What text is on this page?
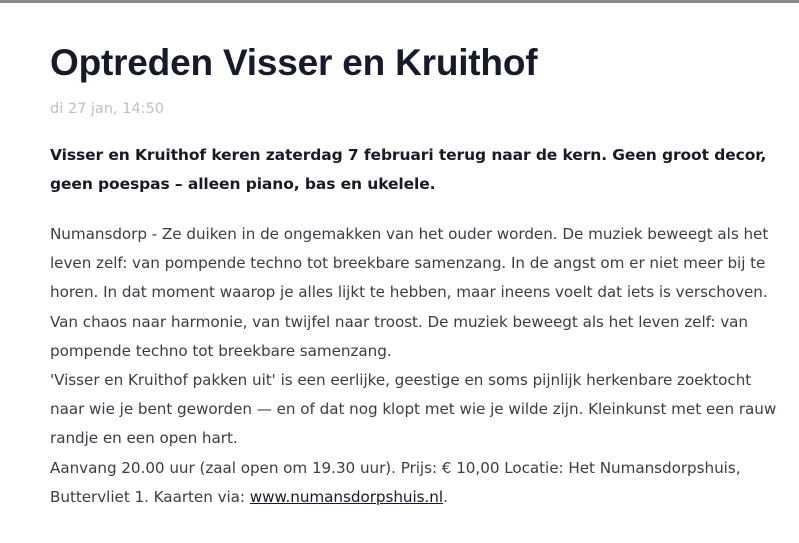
Optreden Visser en Kruithof
di 27 jan, 14:50
Visser en Kruithof keren zaterdag 7 februari terug naar de kern. Geen groot decor, geen poespas – alleen piano, bas en ukelele.

Numansdorp - Ze duiken in de ongemakken van het ouder worden. De muziek beweegt als het leven zelf: van pompende techno tot breekbare samenzang. In de angst om er niet meer bij te horen. In dat moment waarop je alles lijkt te hebben, maar ineens voelt dat iets is verschoven. Van chaos naar harmonie, van twijfel naar troost. De muziek beweegt als het leven zelf: van pompende techno tot breekbare samenzang.

'Visser en Kruithof pakken uit' is een eerlijke, geestige en soms pijnlijk herkenbare zoektocht naar wie je bent geworden — en of dat nog klopt met wie je wilde zijn. Kleinkunst met een rauw randje en een open hart.

Aanvang 20.00 uur (zaal open om 19.30 uur). Prijs: € 10,00 Locatie: Het Numansdorpshuis, Buttervliet 1. Kaarten via: www.numansdorpshuis.nl.
